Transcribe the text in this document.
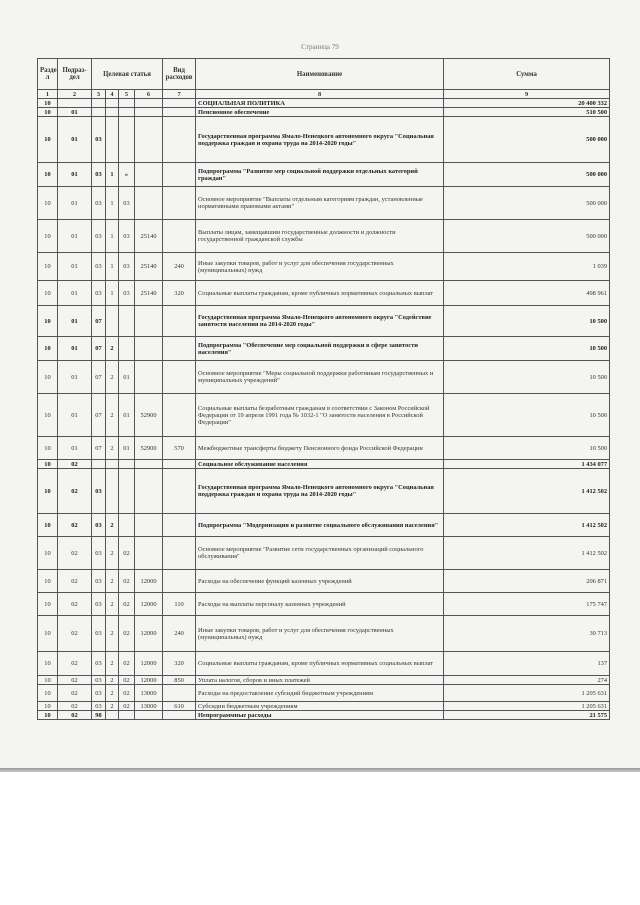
Страница 79
Разде л	Подраз-дел	Целевая статья				Вид расходов	Наименование	Сумма
1	2	3	4	5	6	7	8	9
10							СОЦИАЛЬНАЯ ПОЛИТИКА	20 400 332
10	01						Пенсионное обеспечение	510 500
10	01	03					Государственная программа Ямало-Ненецкого автономного округа "Социальная поддержка граждан и охрана труда на 2014-2020 годы"	500 000
10	01	03	1	»			Подпрограмма "Развитие мер социальной поддержки отдельных категорий граждан"	500 000
10	01	03	1	03			Основное мероприятие "Выплаты отдельным категориям граждан, установленные нормативными правовыми актами"	500 000
10	01	03	1	03	25140		Выплаты лицам, замещавшим государственные должности и должности государственной гражданской службы	500 000
10	01	03	1	03	25140	240	Иные закупки товаров, работ и услуг для обеспечения государственных (муниципальных) нужд	1 039
10	01	03	1	03	25140	320	Социальные выплаты гражданам, кроме публичных нормативных социальных выплат	498 961
10	01	07					Государственная программа Ямало-Ненецкого автономного округа "Содействие занятости населения на 2014-2020 годы"	10 500
10	01	07	2				Подпрограмма "Обеспечение мер социальной поддержки в сфере занятости населения"	10 500
10	01	07	2	01			Основное мероприятие "Меры социальной поддержки работникам государственных и муниципальных учреждений"	10 500
10	01	07	2	01	52900		Социальные выплаты безработным гражданам в соответствии с Законом Российской Федерации от 19 апреля 1991 года № 1032-1 "О занятости населения в Российской Федерации"	10 500
10	01	07	2	01	52900	570	Межбюджетные трансферты бюджету Пенсионного фонда Российской Федерации	10 500
10	02						Социальное обслуживание населения	1 434 077
10	02	03					Государственная программа Ямало-Ненецкого автономного округа "Социальная поддержка граждан и охрана труда на 2014-2020 годы"	1 412 502
10	02	03	2				Подпрограмма "Модернизация и развитие социального обслуживания населения"	1 412 502
10	02	03	2	02			Основное мероприятие "Развитие сети государственных организаций социального обслуживания"	1 412 502
10	02	03	2	02	12000		Расходы на обеспечение функций казенных учреждений	206 871
10	02	03	2	02	12000	110	Расходы на выплаты персоналу казенных учреждений	175 747
10	02	03	2	02	12000	240	Иные закупки товаров, работ и услуг для обеспечения государственных (муниципальных) нужд	30 713
10	02	03	2	02	12000	320	Социальные выплаты гражданам, кроме публичных нормативных социальных выплат	137
10	02	03	2	02	12000	850	Уплата налогов, сборов и иных платежей	274
10	02	03	2	02	13000		Расходы на предоставление субсидий бюджетным учреждениям	1 205 631
10	02	03	2	02	13000	610	Субсидии бюджетным учреждениям	1 205 631
10	02	98					Непрограммные расходы	21 575
